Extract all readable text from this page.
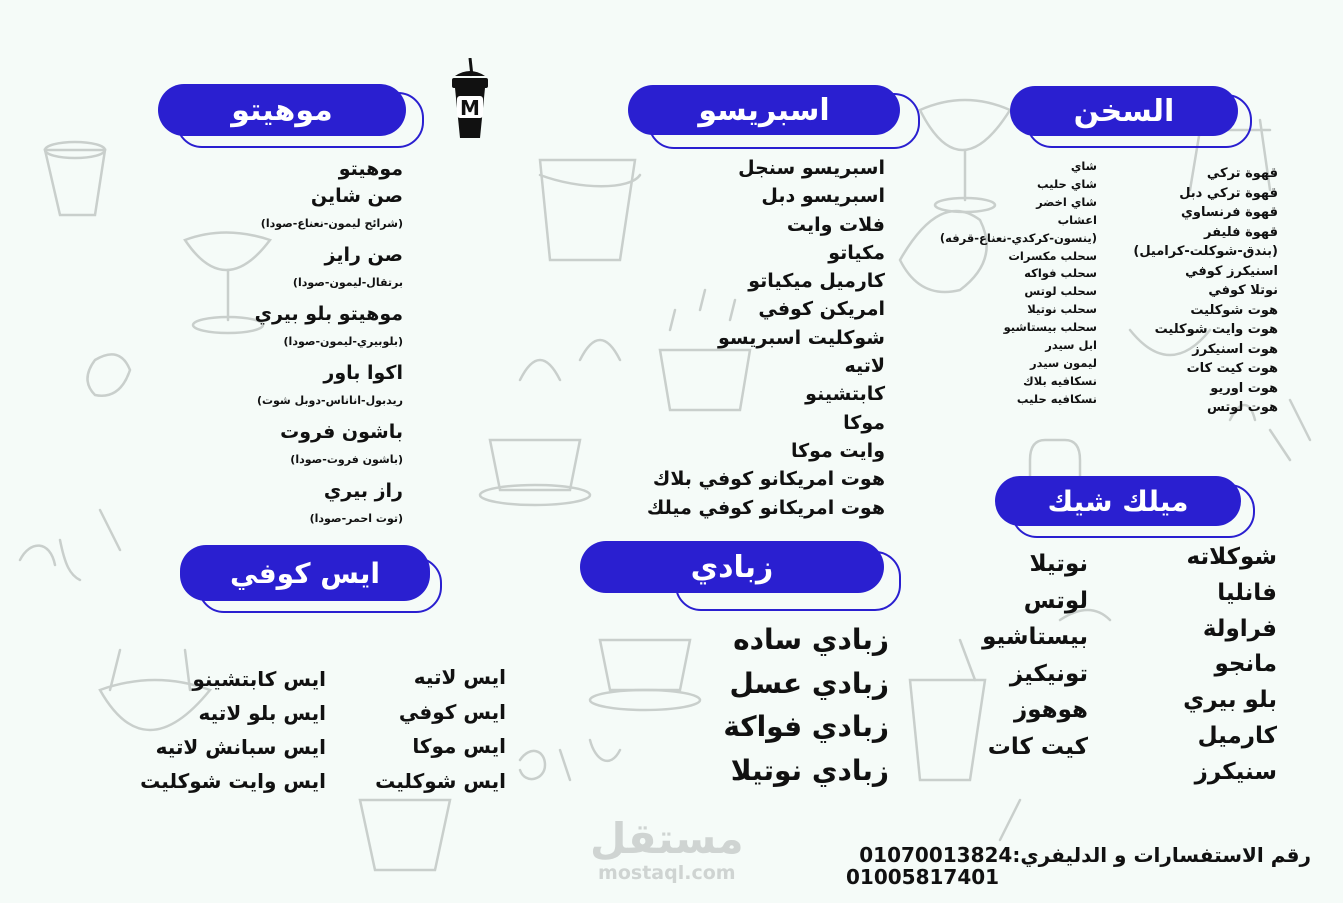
M	السخن
قهوة تركي
قهوة تركي دبل
قهوة فرنساوي
قهوة فليفر
(بندق-شوكلت-كراميل)
اسنيكرز كوفي
نوتلا كوفي
هوت شوكليت
هوت وايت شوكليت
هوت اسنيكرز
هوت كيت كات
هوت اوريو
هوت لوتس
شاي
شاي حليب
شاي اخضر
اعشاب
(ينسون-كركدي-نعناع-قرفه)
سحلب مكسرات
سحلب فواكه
سحلب لوتس
سحلب نوتيلا
سحلب بيستاشيو
ابل سيدر
ليمون سيدر
نسكافيه بلاك
نسكافيه حليب
اسبريسو
اسبريسو سنجل
اسبريسو دبل
فلات وايت
مكياتو
كارميل ميكياتو
امريكن كوفي
شوكليت اسبريسو
لاتيه
كابتشينو
موكا
وايت موكا
هوت امريكانو كوفي بلاك
هوت امريكانو كوفي ميلك
موهيتو
موهيتو
صن شاين
(شرائح ليمون-نعناع-صودا)
صن رايز
برتقال-ليمون-صودا)
موهيتو بلو بيري
(بلوبيري-ليمون-صودا)
اكوا باور
ريدبول-اناناس-دوبل شوت)
باشون فروت
(باشون فروت-صودا)
راز بيري
(توت احمر-صودا)
ميلك شيك
شوكلاته
فانليا
فراولة
مانجو
بلو بيري
كارميل
سنيكرز
نوتيلا
لوتس
بيستاشيو
تونيكيز
هوهوز
كيت كات
زبادي
زبادي ساده
زبادي عسل
زبادي فواكة
زبادي نوتيلا
ايس كوفي
ايس لاتيه
ايس كوفي
ايس موكا
ايس شوكليت
ايس كابتشينو
ايس بلو لاتيه
ايس سبانش لاتيه
ايس وايت شوكليت
مستقل
mostaql.com
رقم الاستفسارات و الدليفري:01070013824
01005817401
